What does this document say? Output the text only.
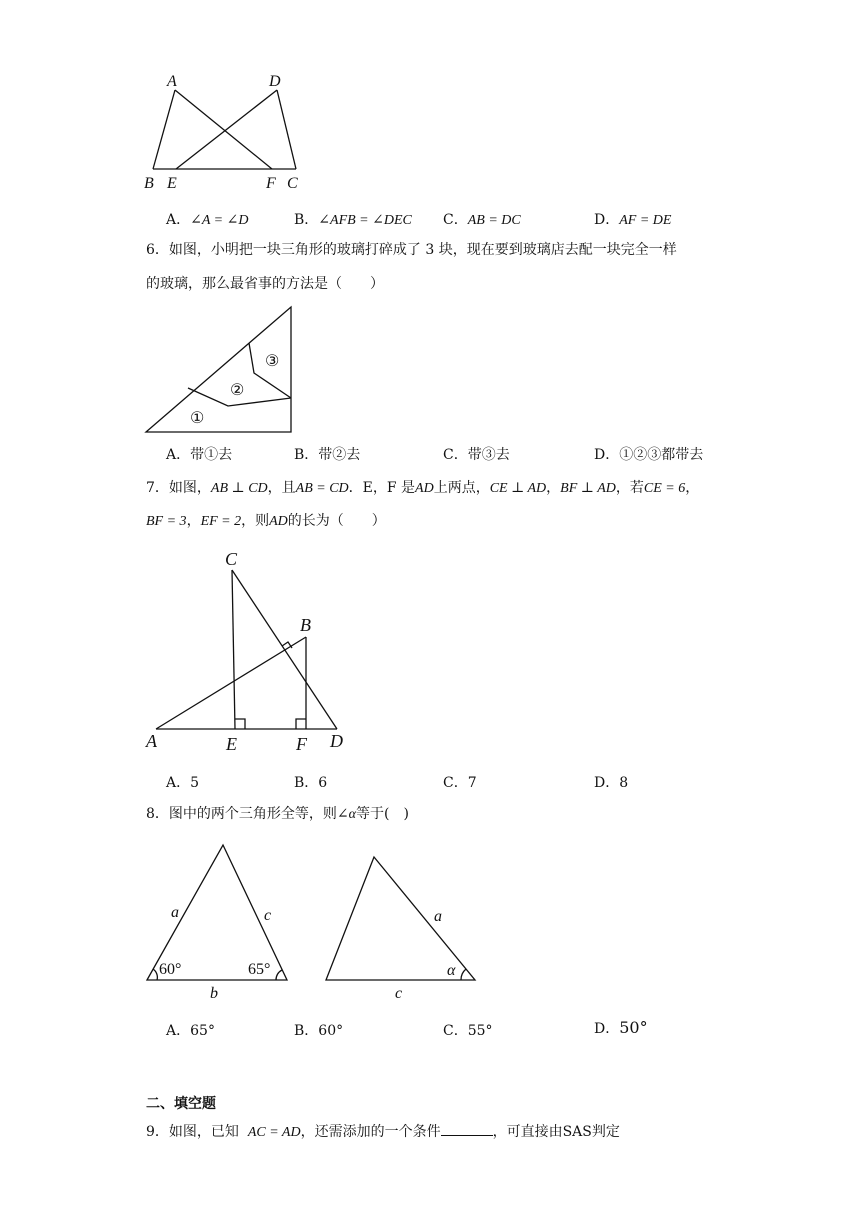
A	D
B E	F C
①
②
③
C
B
A	E	F D
a	c
b
60°	65°
a
c
α
A．∠A = ∠D	B．∠AFB = ∠DEC C．AB = DC	D．AF = DE
6．如图，小明把一块三角形的玻璃打碎成了 3 块，现在要到玻璃店去配一块完全一样
的玻璃，那么最省事的方法是（　　）
A．带①去	B．带②去	C．带③去	D．①②③都带去
7．如图，AB ⊥ CD，且AB = CD．E，F 是AD上两点，CE ⊥ AD，BF ⊥ AD，若CE = 6，
BF = 3，EF = 2，则AD的长为（　　）
A．5	B．6	C．7	D．8
8．图中的两个三角形全等，则∠α等于(　)
A．65°	B．60°	C．55°	D．50°
二、填空题
9．如图，已知 AC = AD，还需添加的一个条件	，可直接由SAS判定
